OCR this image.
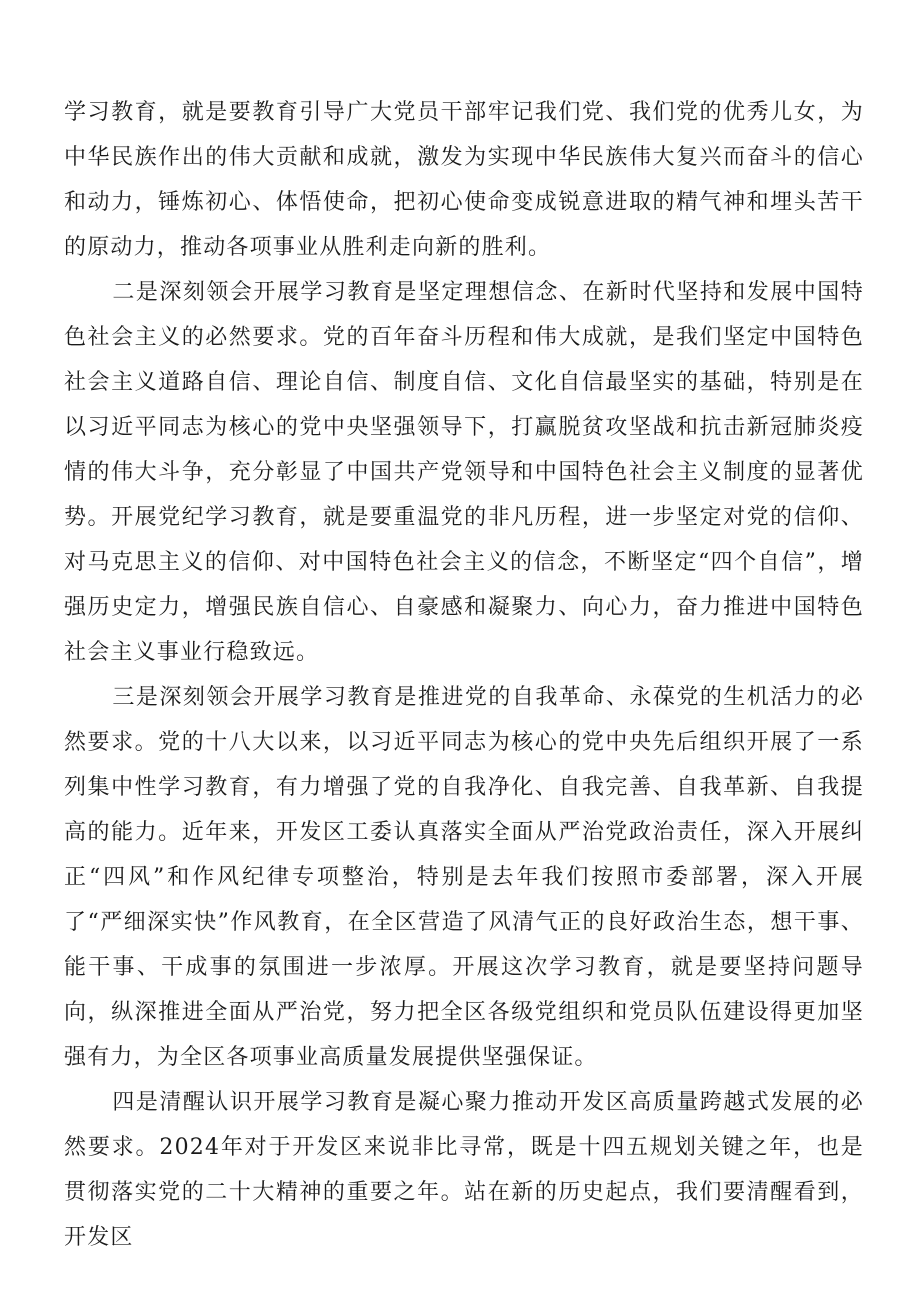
学习教育，就是要教育引导广大党员干部牢记我们党、我们党的优秀儿女，为中华民族作出的伟大贡献和成就，激发为实现中华民族伟大复兴而奋斗的信心和动力，锤炼初心、体悟使命，把初心使命变成锐意进取的精气神和埋头苦干的原动力，推动各项事业从胜利走向新的胜利。

二是深刻领会开展学习教育是坚定理想信念、在新时代坚持和发展中国特色社会主义的必然要求。党的百年奋斗历程和伟大成就，是我们坚定中国特色社会主义道路自信、理论自信、制度自信、文化自信最坚实的基础，特别是在以习近平同志为核心的党中央坚强领导下，打赢脱贫攻坚战和抗击新冠肺炎疫情的伟大斗争，充分彰显了中国共产党领导和中国特色社会主义制度的显著优势。开展党纪学习教育，就是要重温党的非凡历程，进一步坚定对党的信仰、对马克思主义的信仰、对中国特色社会主义的信念，不断坚定“四个自信”，增强历史定力，增强民族自信心、自豪感和凝聚力、向心力，奋力推进中国特色社会主义事业行稳致远。

三是深刻领会开展学习教育是推进党的自我革命、永葆党的生机活力的必然要求。党的十八大以来，以习近平同志为核心的党中央先后组织开展了一系列集中性学习教育，有力增强了党的自我净化、自我完善、自我革新、自我提高的能力。近年来，开发区工委认真落实全面从严治党政治责任，深入开展纠正“四风”和作风纪律专项整治，特别是去年我们按照市委部署，深入开展了“严细深实快”作风教育，在全区营造了风清气正的良好政治生态，想干事、能干事、干成事的氛围进一步浓厚。开展这次学习教育，就是要坚持问题导向，纵深推进全面从严治党，努力把全区各级党组织和党员队伍建设得更加坚强有力，为全区各项事业高质量发展提供坚强保证。

四是清醒认识开展学习教育是凝心聚力推动开发区高质量跨越式发展的必然要求。2024年对于开发区来说非比寻常，既是十四五规划关键之年，也是贯彻落实党的二十大精神的重要之年。站在新的历史起点，我们要清醒看到，开发区
